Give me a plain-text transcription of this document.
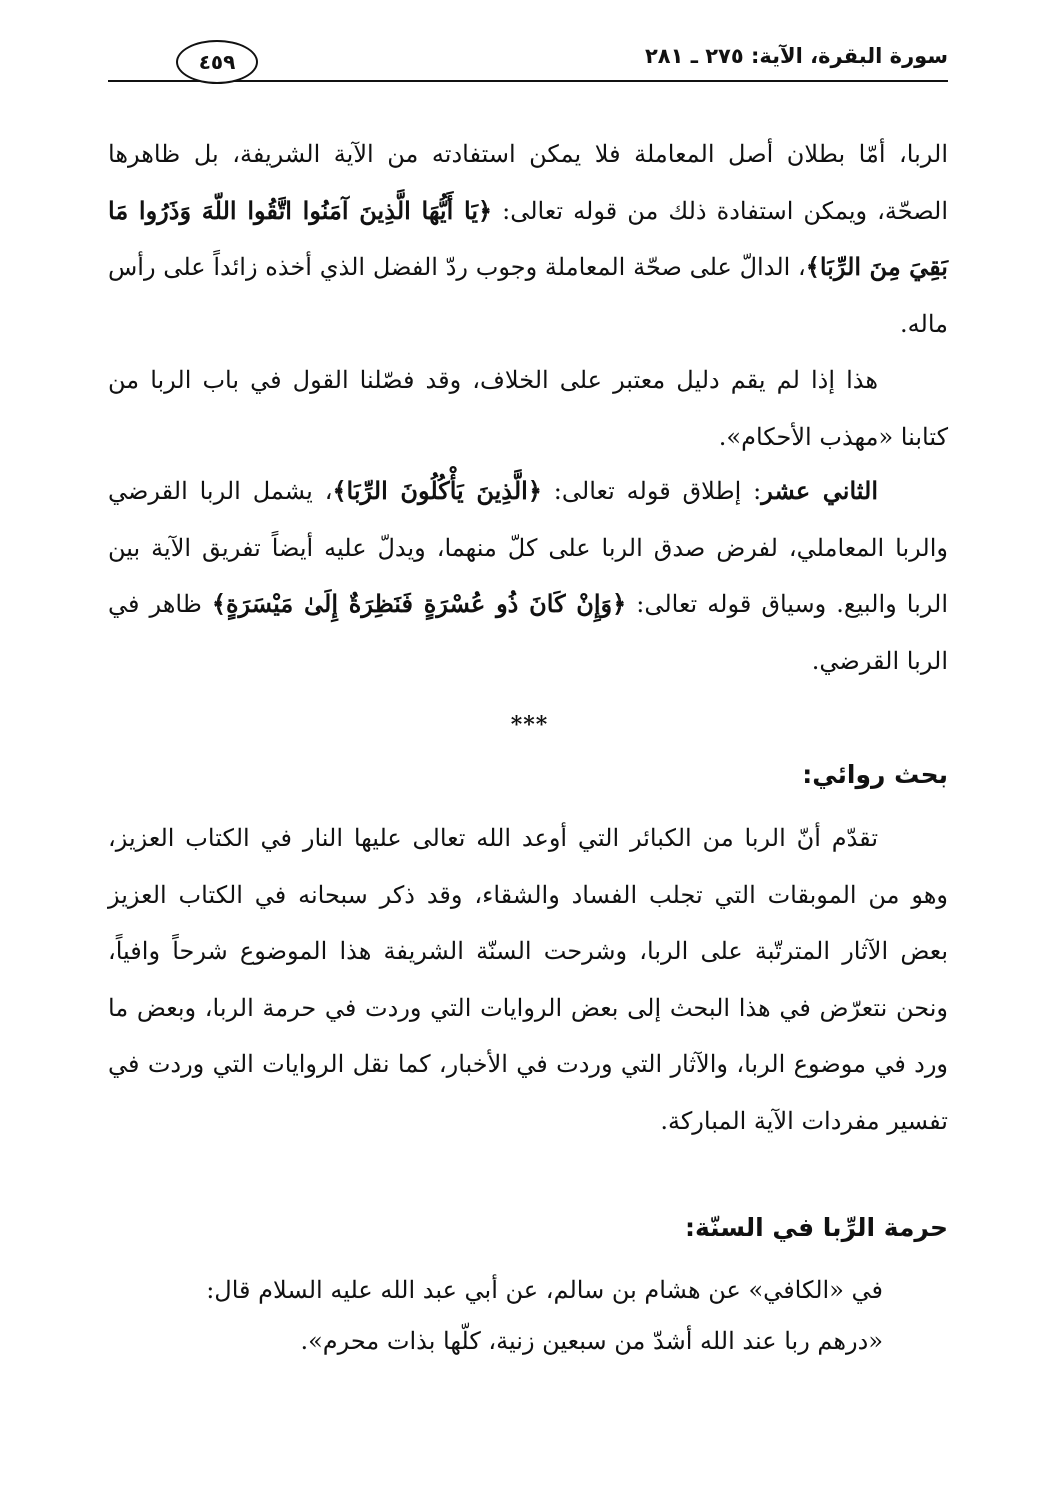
سورة البقرة، الآية: ٢٧٥ ـ ٢٨١
٤٥٩
الربا، أمّا بطلان أصل المعاملة فلا يمكن استفادته من الآية الشريفة، بل ظاهرها الصحّة، ويمكن استفادة ذلك من قوله تعالى: ﴿يَا أَيُّهَا الَّذِينَ آمَنُوا اتَّقُوا اللّهَ وَذَرُوا مَا بَقِيَ مِنَ الرِّبَا﴾، الدالّ على صحّة المعاملة وجوب ردّ الفضل الذي أخذه زائداً على رأس ماله.
هذا إذا لم يقم دليل معتبر على الخلاف، وقد فصّلنا القول في باب الربا من كتابنا «مهذب الأحكام».
الثاني عشر: إطلاق قوله تعالى: ﴿الَّذِينَ يَأْكُلُونَ الرِّبَا﴾، يشمل الربا القرضي والربا المعاملي، لفرض صدق الربا على كلّ منهما، ويدلّ عليه أيضاً تفريق الآية بين الربا والبيع. وسياق قوله تعالى: ﴿وَإِنْ كَانَ ذُو عُسْرَةٍ فَنَظِرَةٌ إِلَىٰ مَيْسَرَةٍ﴾ ظاهر في الربا القرضي.
***
بحث روائي:
تقدّم أنّ الربا من الكبائر التي أوعد الله تعالى عليها النار في الكتاب العزيز، وهو من الموبقات التي تجلب الفساد والشقاء، وقد ذكر سبحانه في الكتاب العزيز بعض الآثار المترتّبة على الربا، وشرحت السنّة الشريفة هذا الموضوع شرحاً وافياً، ونحن نتعرّض في هذا البحث إلى بعض الروايات التي وردت في حرمة الربا، وبعض ما ورد في موضوع الربا، والآثار التي وردت في الأخبار، كما نقل الروايات التي وردت في تفسير مفردات الآية المباركة.
حرمة الرِّبا في السنّة:
في «الكافي» عن هشام بن سالم، عن أبي عبد الله عليه السلام قال:
«درهم ربا عند الله أشدّ من سبعين زنية، كلّها بذات محرم».
